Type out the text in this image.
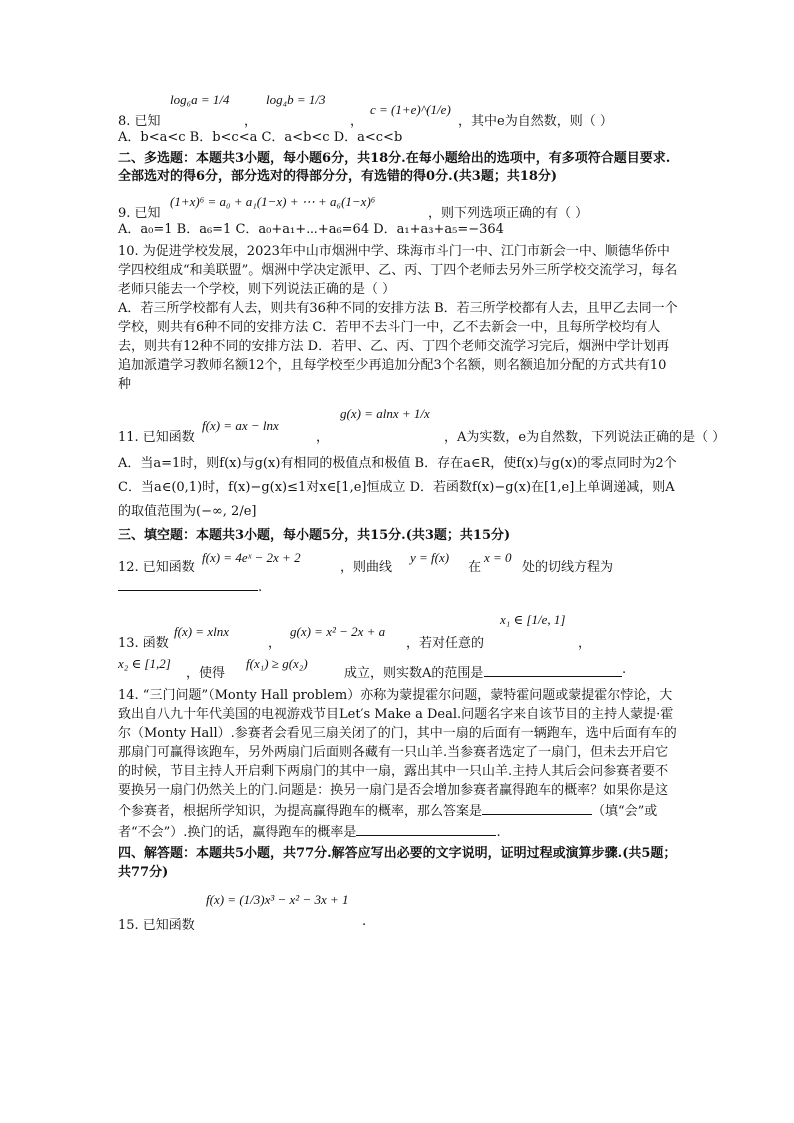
log₆a = 1/4
，
log₄b = 1/3
，
c = (1+e)^(1/e)
8. 已知	，其中e为自然数，则（ ）
A．b<a<c B．b<c<a C．a<b<c D．a<c<b
二、多选题：本题共3小题，每小题6分，共18分.在每小题给出的选项中，有多项符合题目要求.全部选对的得6分，部分选对的得部分分，有选错的得0分.(共3题；共18分)
9. 已知
(1+x)⁶ = a₀ + a₁(1−x) + ⋯ + a₆(1−x)⁶
，则下列选项正确的有（ ）
A．a₀=1 B．a₆=1 C．a₀+a₁+⋯+a₆=64 D．a₁+a₃+a₅=−364
10. 为促进学校发展，2023年中山市烟洲中学、珠海市斗门一中、江门市新会一中、顺德华侨中学四校组成“和美联盟”。烟洲中学决定派甲、乙、丙、丁四个老师去另外三所学校交流学习，每名老师只能去一个学校，则下列说法正确的是（ ）
A．若三所学校都有人去，则共有36种不同的安排方法 B．若三所学校都有人去，且甲乙去同一个学校，则共有6种不同的安排方法 C．若甲不去斗门一中，乙不去新会一中，且每所学校均有人去，则共有12种不同的安排方法 D．若甲、乙、丙、丁四个老师交流学习完后，烟洲中学计划再追加派遣学习教师名额12个，且每学校至少再追加分配3个名额，则名额追加分配的方式共有10种
11. 已知函数
f(x) = ax − lnx
，
g(x) = alnx + 1/x
，A为实数，e为自然数，下列说法正确的是（ ）
A．当a=1时，则f(x)与g(x)有相同的极值点和极值 B．存在a∈R，使f(x)与g(x)的零点同时为2个 C．当a∈(0,1)时，f(x)−g(x)≤1对x∈[1,e]恒成立 D．若函数f(x)−g(x)在[1,e]上单调递减，则A的取值范围为(−∞, 2/e]
三、填空题：本题共3小题，每小题5分，共15分.(共3题；共15分)
12. 已知函数
f(x) = 4eˣ − 2x + 2
，则曲线
y = f(x)
在
x = 0
处的切线方程为
.
13. 函数
f(x) = xlnx
，
g(x) = x² − 2x + a
，若对任意的
x₁ ∈ [1/e, 1]
，
x₂ ∈ [1,2]
，使得
f(x₁) ≥ g(x₂)
成立，则实数A的范围是	.
14. “三门问题”（Monty Hall problem）亦称为蒙提霍尔问题，蒙特霍问题或蒙提霍尔悖论，大致出自八九十年代美国的电视游戏节目Let′s Make a Deal.问题名字来自该节目的主持人蒙提·霍尔（Monty Hall）.参赛者会看见三扇关闭了的门，其中一扇的后面有一辆跑车，选中后面有车的那扇门可赢得该跑车，另外两扇门后面则各藏有一只山羊.当参赛者选定了一扇门，但未去开启它的时候，节目主持人开启剩下两扇门的其中一扇，露出其中一只山羊.主持人其后会问参赛者要不要换另一扇门仍然关上的门.问题是：换另一扇门是否会增加参赛者赢得跑车的概率？如果你是这个参赛者，根据所学知识，为提高赢得跑车的概率，那么答案是	（填“会”或者“不会”）.换门的话，赢得跑车的概率是	.
四、解答题：本题共5小题，共77分.解答应写出必要的文字说明，证明过程或演算步骤.(共5题；共77分)
f(x) = (1/3)x³ − x² − 3x + 1
15. 已知函数	.
